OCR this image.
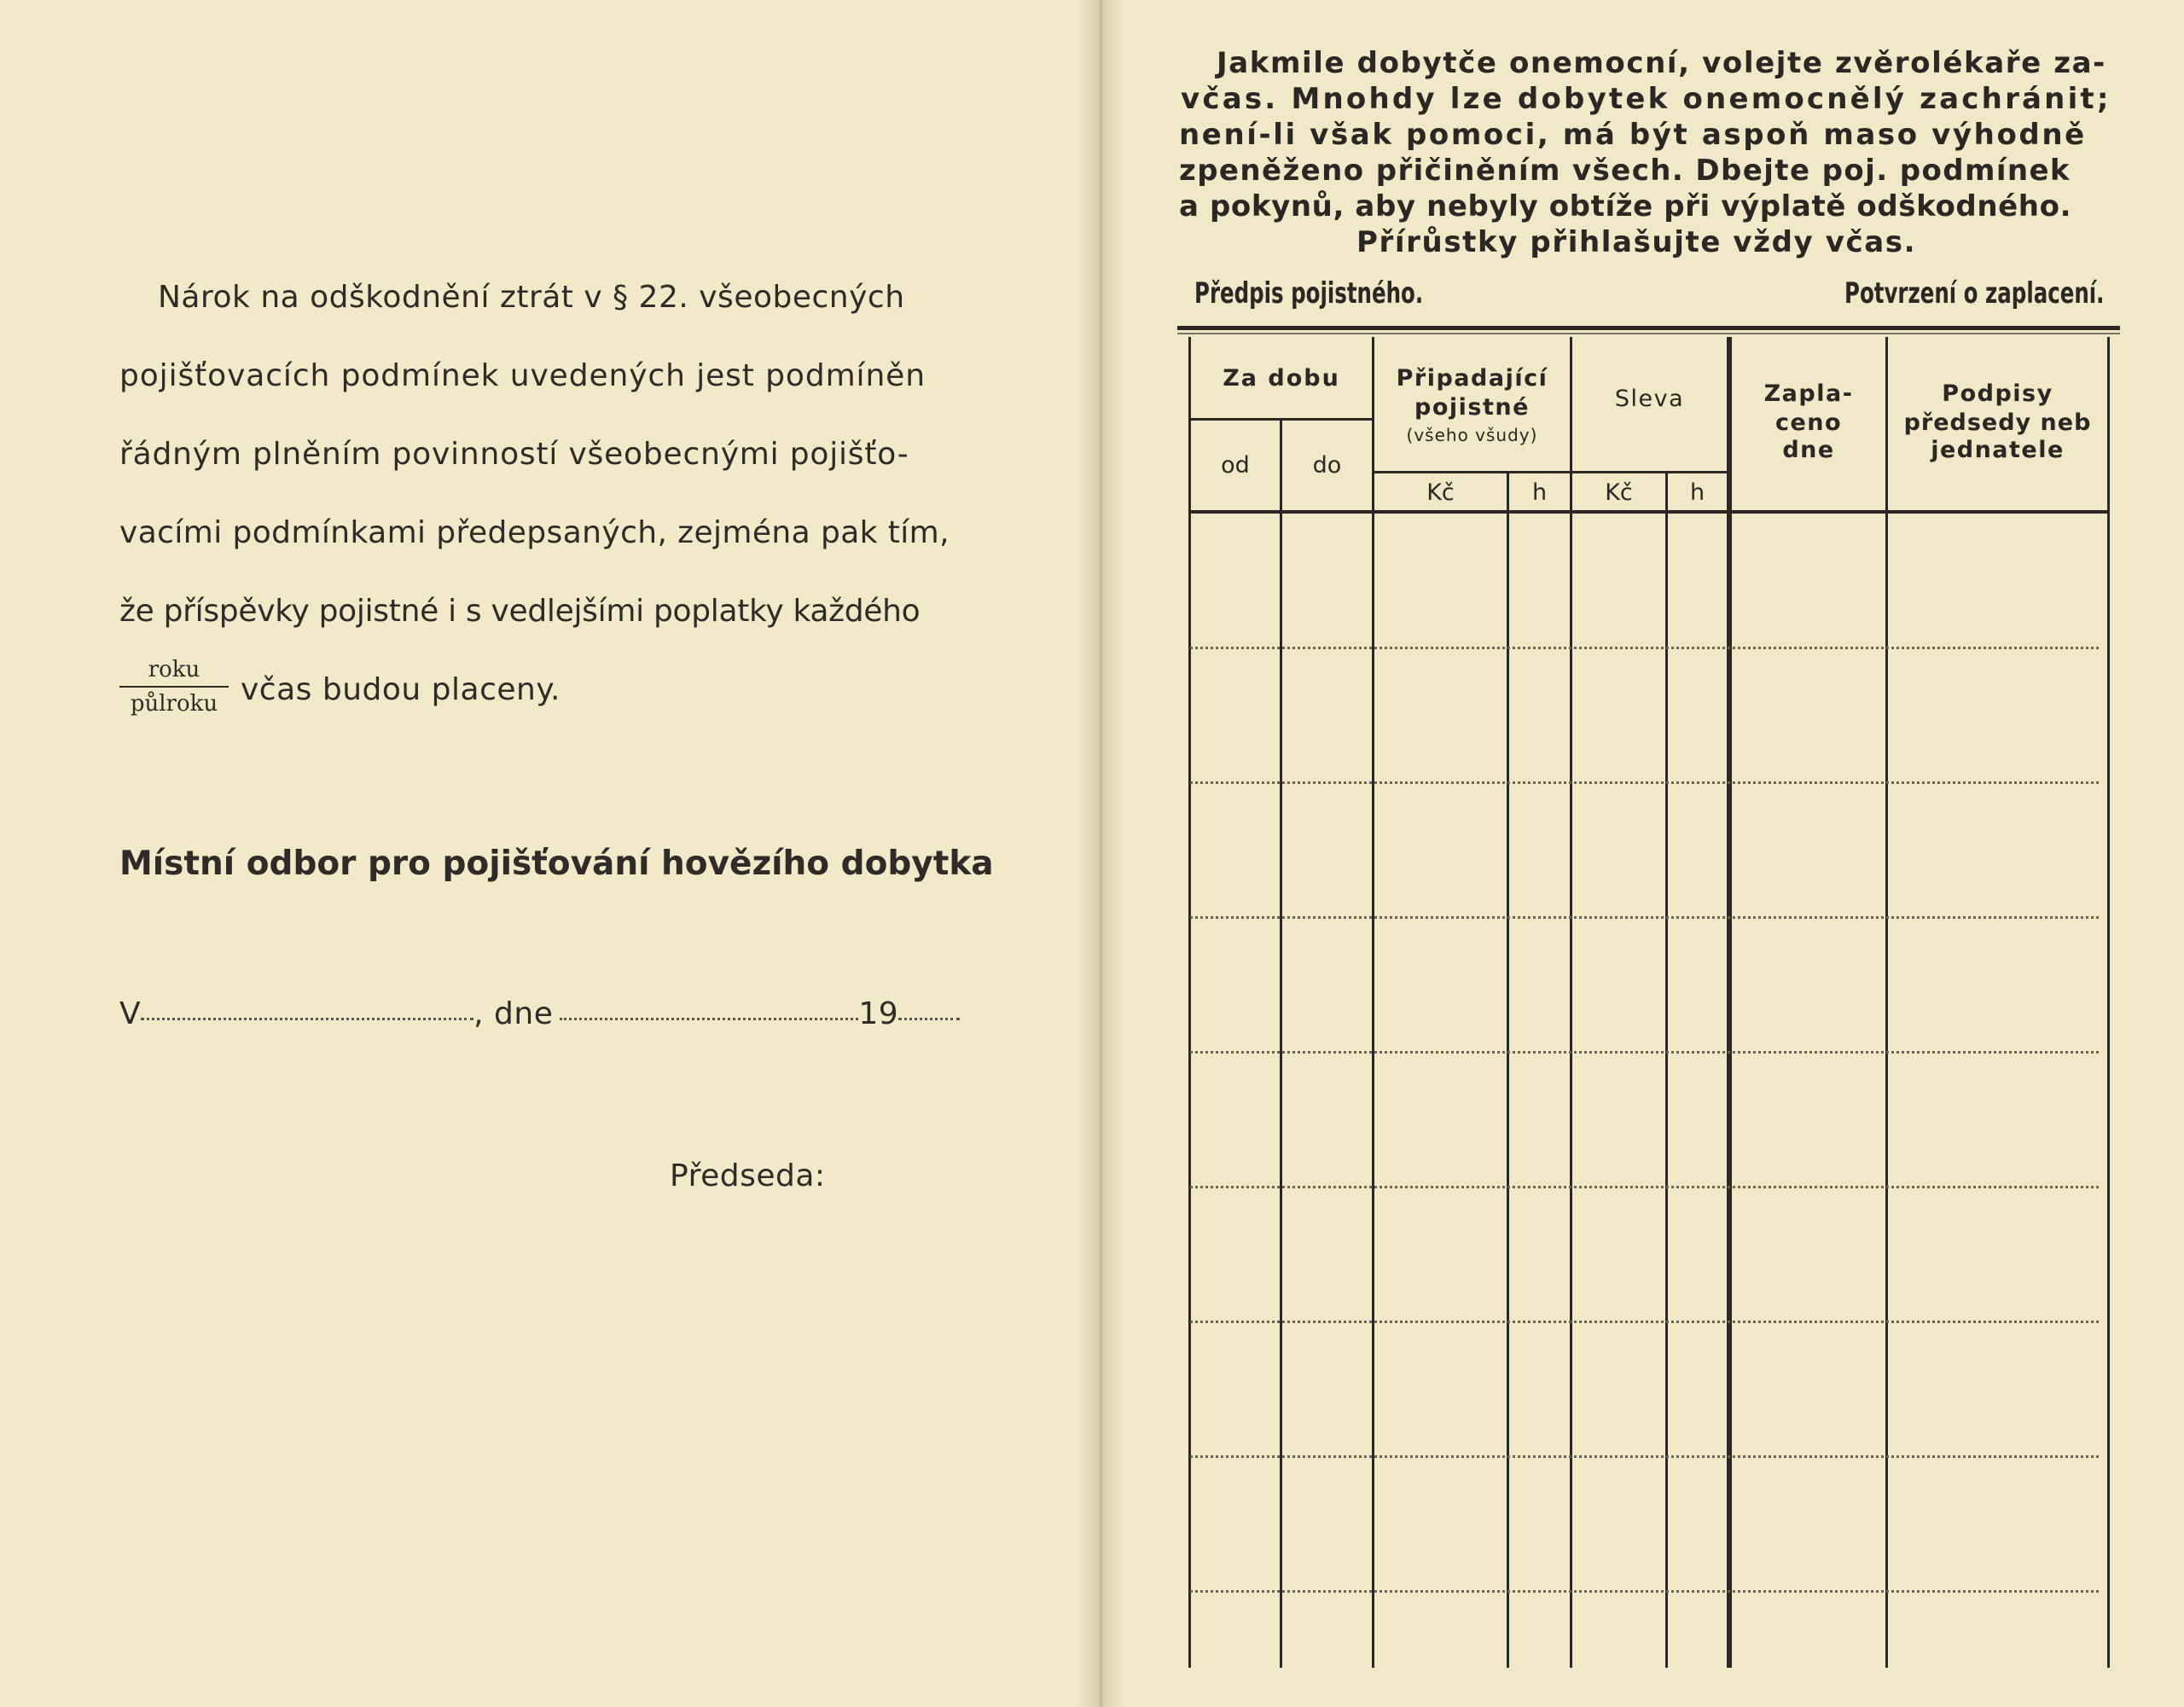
Nárok na odškodnění ztrát v § 22. všeobecných
pojišťovacích podmínek uvedených jest podmíněn
řádným plněním povinností všeobecnými pojišťo-
vacími podmínkami předepsaných, zejména pak tím,
že příspěvky pojistné i s vedlejšími poplatky každého
roku
půlroku včas budou placeny.
Místní odbor pro pojišťování hovězího dobytka
V	, dne	19
Předseda:
Jakmile dobytče onemocní, volejte zvěrolékaře za-
včas. Mnohdy lze dobytek onemocnělý zachránit;
není-li však pomoci, má být aspoň maso výhodně
zpeněženo přičiněním všech. Dbejte poj. podmínek
a pokynů, aby nebyly obtíže při výplatě odškodného.
Přírůstky přihlašujte vždy včas.
Předpis pojistného.	Potvrzení o zaplacení.
Za dobu
od	do
Připadající
pojistné
(všeho všudy)
Kč	h
Sleva
Kč	h
Zapla-
ceno
dne
Podpisy
předsedy neb
jednatele
